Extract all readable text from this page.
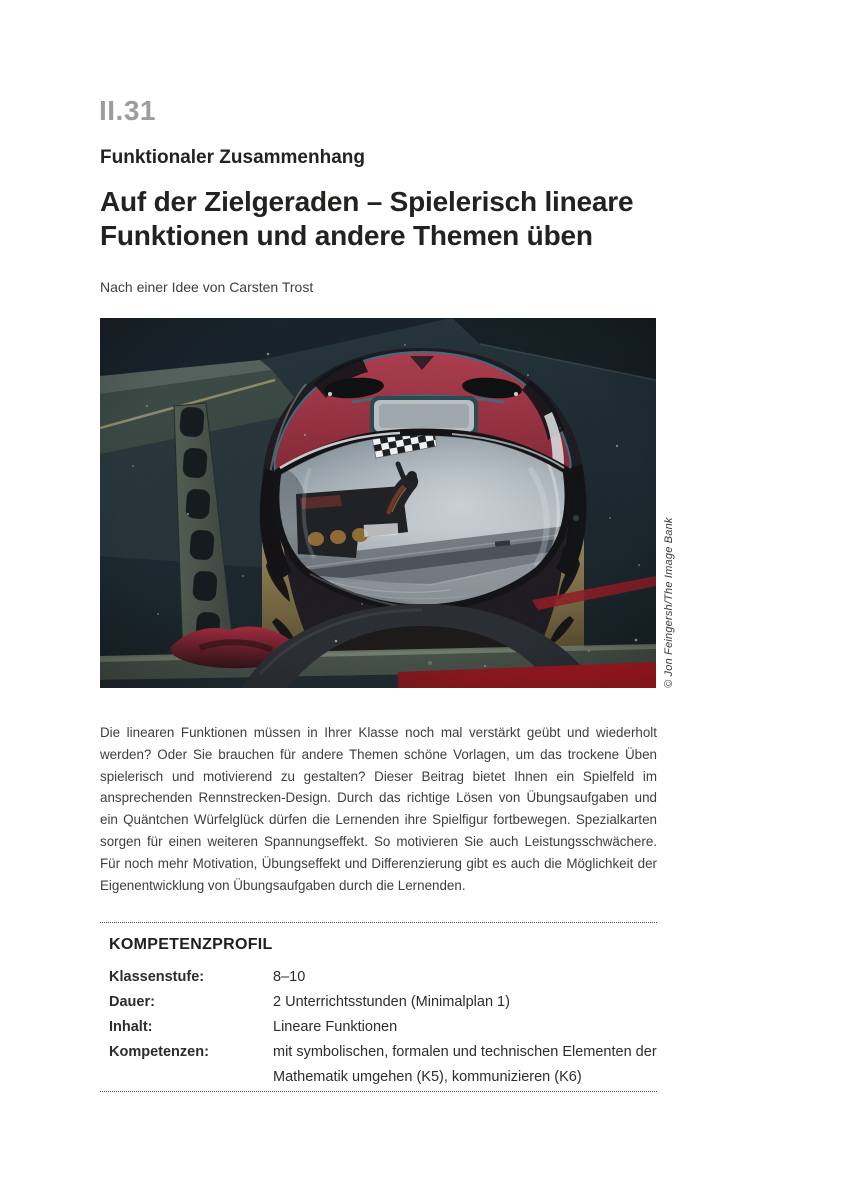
II.31
Funktionaler Zusammenhang
Auf der Zielgeraden – Spielerisch lineare
Funktionen und andere Themen üben
Nach einer Idee von Carsten Trost
© Jon Feingersh/The Image Bank

Die linearen Funktionen müssen in Ihrer Klasse noch mal verstärkt geübt und wiederholt werden? Oder Sie brauchen für andere Themen schöne Vorlagen, um das trockene Üben spielerisch und motivierend zu gestalten? Dieser Beitrag bietet Ihnen ein Spielfeld im ansprechenden Rennstrecken-Design. Durch das richtige Lösen von Übungsaufgaben und ein Quäntchen Würfelglück dürfen die Lernenden ihre Spielfigur fortbewegen. Spezialkarten sorgen für einen weiteren Spannungseffekt. So motivieren Sie auch Leistungsschwächere. Für noch mehr Motivation, Übungseffekt und Differenzierung gibt es auch die Möglichkeit der Eigenentwicklung von Übungsaufgaben durch die Lernenden.

KOMPETENZPROFIL
Klassenstufe:	8–10
Dauer:	2 Unterrichtsstunden (Minimalplan 1)
Inhalt:	Lineare Funktionen
Kompetenzen:	mit symbolischen, formalen und technischen Elementen der Mathematik umgehen (K5), kommunizieren (K6)
